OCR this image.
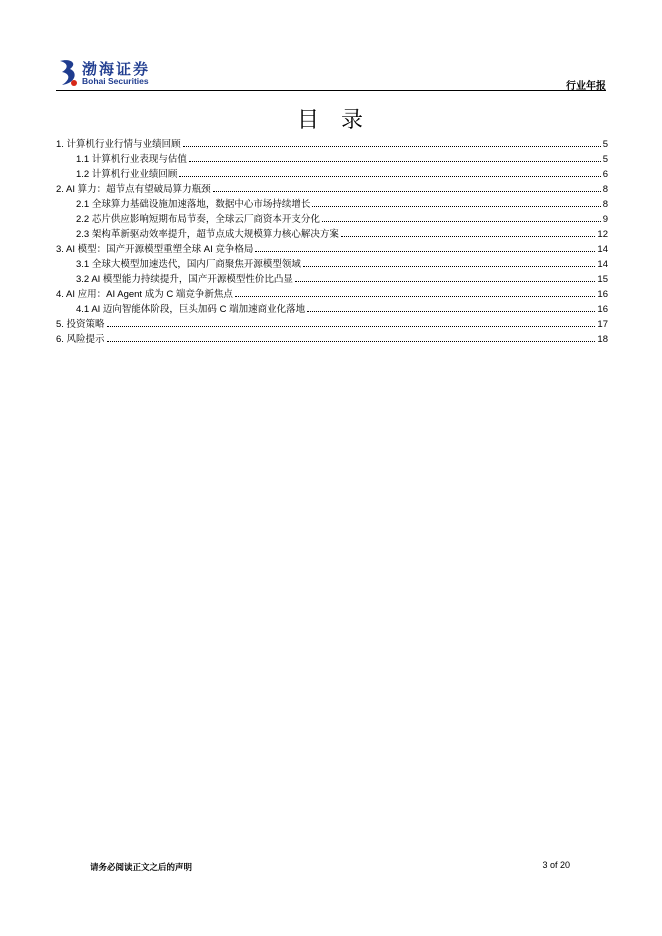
渤海证券
Bohai Securities	行业年报
目录
1. 计算机行业行情与业绩回顾	5
1.1 计算机行业表现与估值	5
1.2 计算机行业业绩回顾	6
2. AI 算力：超节点有望破局算力瓶颈	8
2.1 全球算力基础设施加速落地，数据中心市场持续增长	8
2.2 芯片供应影响短期布局节奏，全球云厂商资本开支分化	9
2.3 架构革新驱动效率提升，超节点成大规模算力核心解决方案	12
3. AI 模型：国产开源模型重塑全球 AI 竞争格局	14
3.1 全球大模型加速迭代，国内厂商聚焦开源模型领域	14
3.2 AI 模型能力持续提升，国产开源模型性价比凸显	15
4. AI 应用：AI Agent 成为 C 端竞争新焦点	16
4.1 AI 迈向智能体阶段，巨头加码 C 端加速商业化落地	16
5. 投资策略	17
6. 风险提示	18
请务必阅读正文之后的声明	3 of 20
